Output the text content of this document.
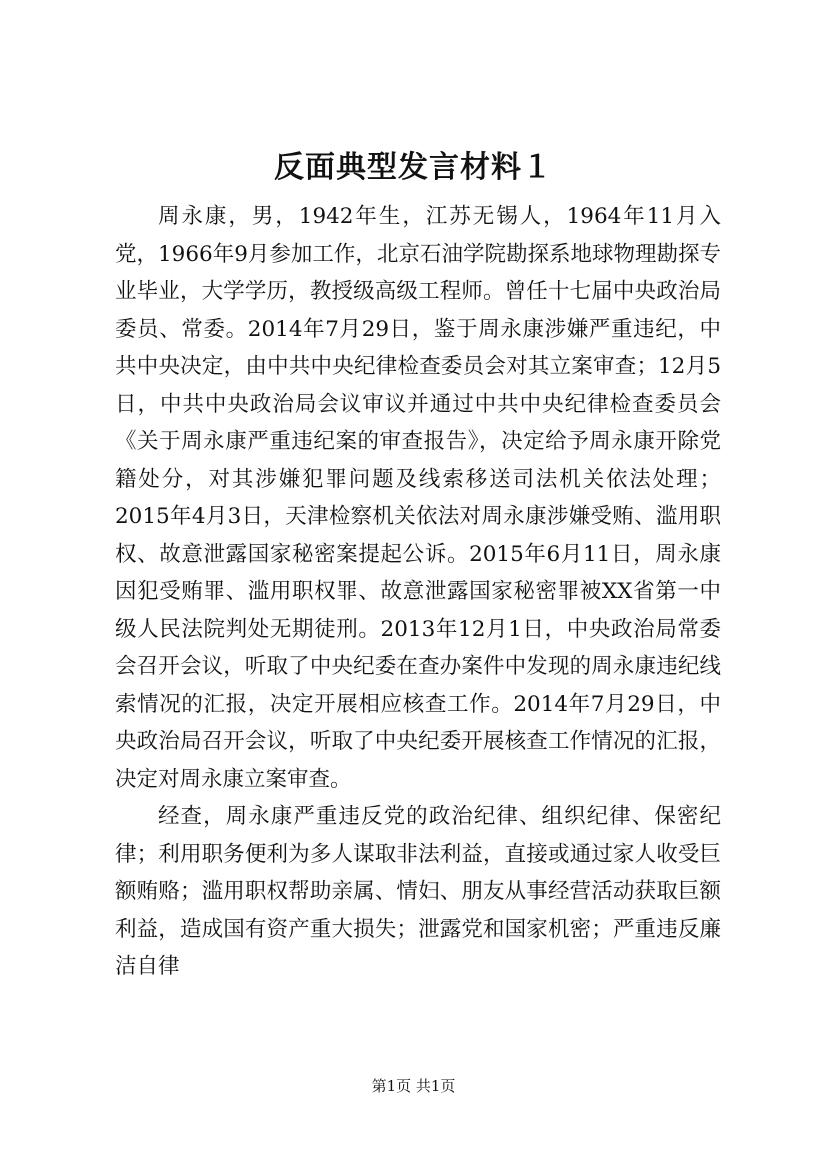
反面典型发言材料１

周永康，男，1942年生，江苏无锡人，1964年11月入党，1966年9月参加工作，北京石油学院勘探系地球物理勘探专业毕业，大学学历，教授级高级工程师。曾任十七届中央政治局委员、常委。2014年7月29日，鉴于周永康涉嫌严重违纪，中共中央决定，由中共中央纪律检查委员会对其立案审查；12月5日，中共中央政治局会议审议并通过中共中央纪律检查委员会《关于周永康严重违纪案的审查报告》，决定给予周永康开除党籍处分，对其涉嫌犯罪问题及线索移送司法机关依法处理；2015年4月3日，天津检察机关依法对周永康涉嫌受贿、滥用职权、故意泄露国家秘密案提起公诉。2015年6月11日，周永康因犯受贿罪、滥用职权罪、故意泄露国家秘密罪被XX省第一中级人民法院判处无期徒刑。2013年12月1日，中央政治局常委会召开会议，听取了中央纪委在查办案件中发现的周永康违纪线索情况的汇报，决定开展相应核查工作。2014年7月29日，中央政治局召开会议，听取了中央纪委开展核查工作情况的汇报，决定对周永康立案审查。

经查，周永康严重违反党的政治纪律、组织纪律、保密纪律；利用职务便利为多人谋取非法利益，直接或通过家人收受巨额贿赂；滥用职权帮助亲属、情妇、朋友从事经营活动获取巨额利益，造成国有资产重大损失；泄露党和国家机密；严重违反廉洁自律

第1页 共1页
